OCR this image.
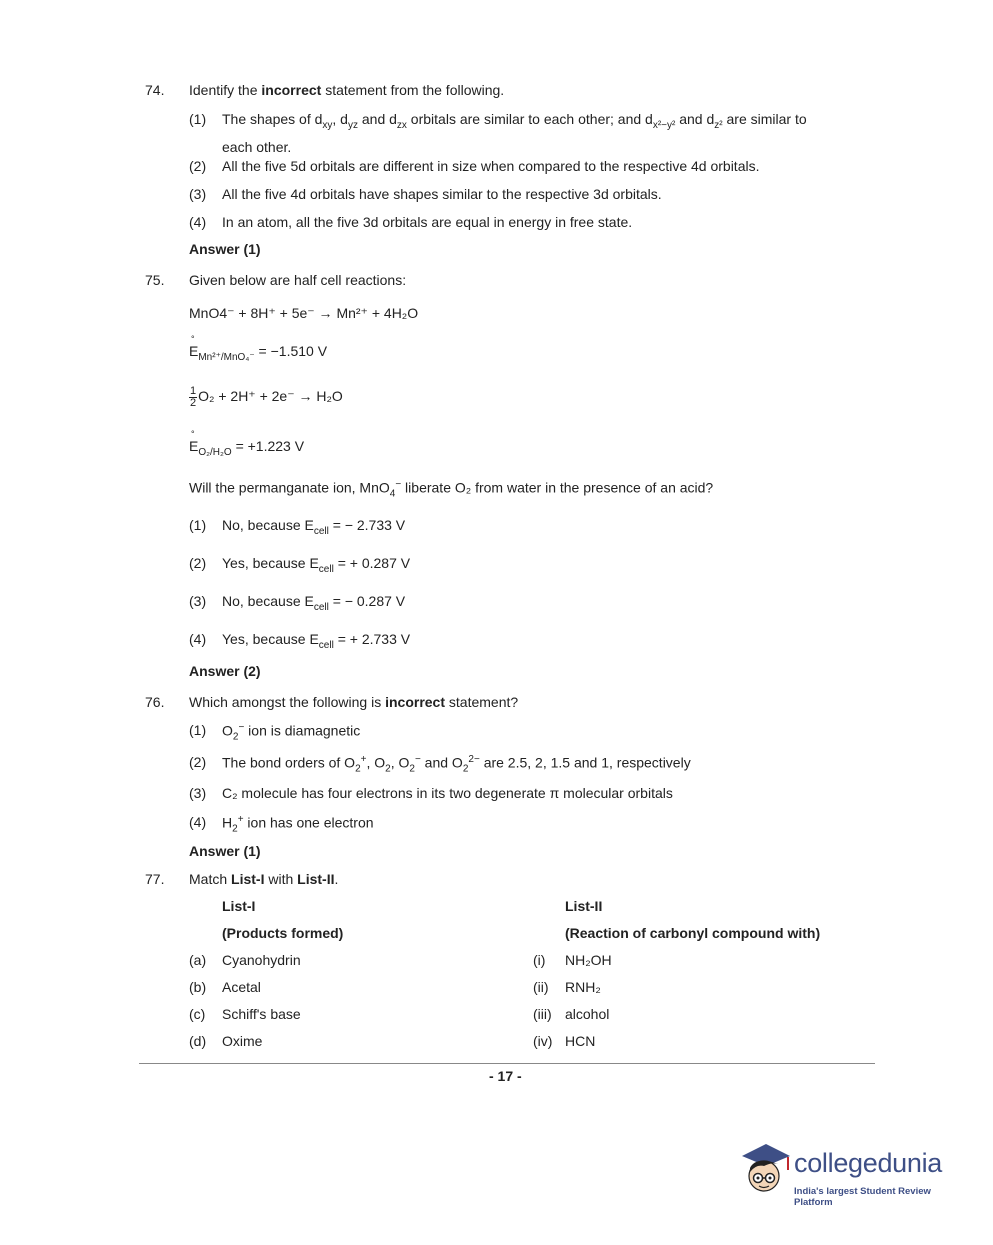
74. Identify the incorrect statement from the following.
(1) The shapes of $d_{xy}$, $d_{yz}$ and $d_{zx}$ orbitals are similar to each other; and $d_{x^2-y^2}$ and $d_{z^2}$ are similar to
each other.
(2) All the five 5d orbitals are different in size when compared to the respective 4d orbitals.
(3) All the five 4d orbitals have shapes similar to the respective 3d orbitals.
(4) In an atom, all the five 3d orbitals are equal in energy in free state.
Answer (1)
75. Given below are half cell reactions:
MnO4⁻ + 8H⁺ + 5e⁻ → Mn²⁺ + 4H₂O
° $E_{Mn^{2+}/MnO_4^-} = -1.510$ V
$\frac{1}{2} O_2 + 2H^+ + 2e^- \to H_2O$
° $E_{O_2/H_2O} = +1.223$ V
Will the permanganate ion, MnO$_4$− liberate O₂ from water in the presence of an acid?
(1) No, because $E_{cell}$ = − 2.733 V
(2) Yes, because $E_{cell}$ = + 0.287 V
(3) No, because $E_{cell}$ = − 0.287 V
(4) Yes, because $E_{cell}$ = + 2.733 V
Answer (2)
76. Which amongst the following is incorrect statement?
(1) $O_2^-$ ion is diamagnetic
(2) The bond orders of $O_2^+$, $O_2$, $O_2^-$ and $O_2^{2-}$ are 2.5, 2, 1.5 and 1, respectively
(3) C₂ molecule has four electrons in its two degenerate π molecular orbitals
(4) $H_2^+$ ion has one electron
Answer (1)
77. Match List-I with List-II.
List-I	List-II
(Products formed)	(Reaction of carbonyl compound with)
(a) Cyanohydrin	(i) NH₂OH
(b) Acetal	(ii) RNH₂
(c) Schiff's base	(iii) alcohol
(d) Oxime	(iv) HCN
- 17 -
collegedunia
India's largest Student Review Platform
